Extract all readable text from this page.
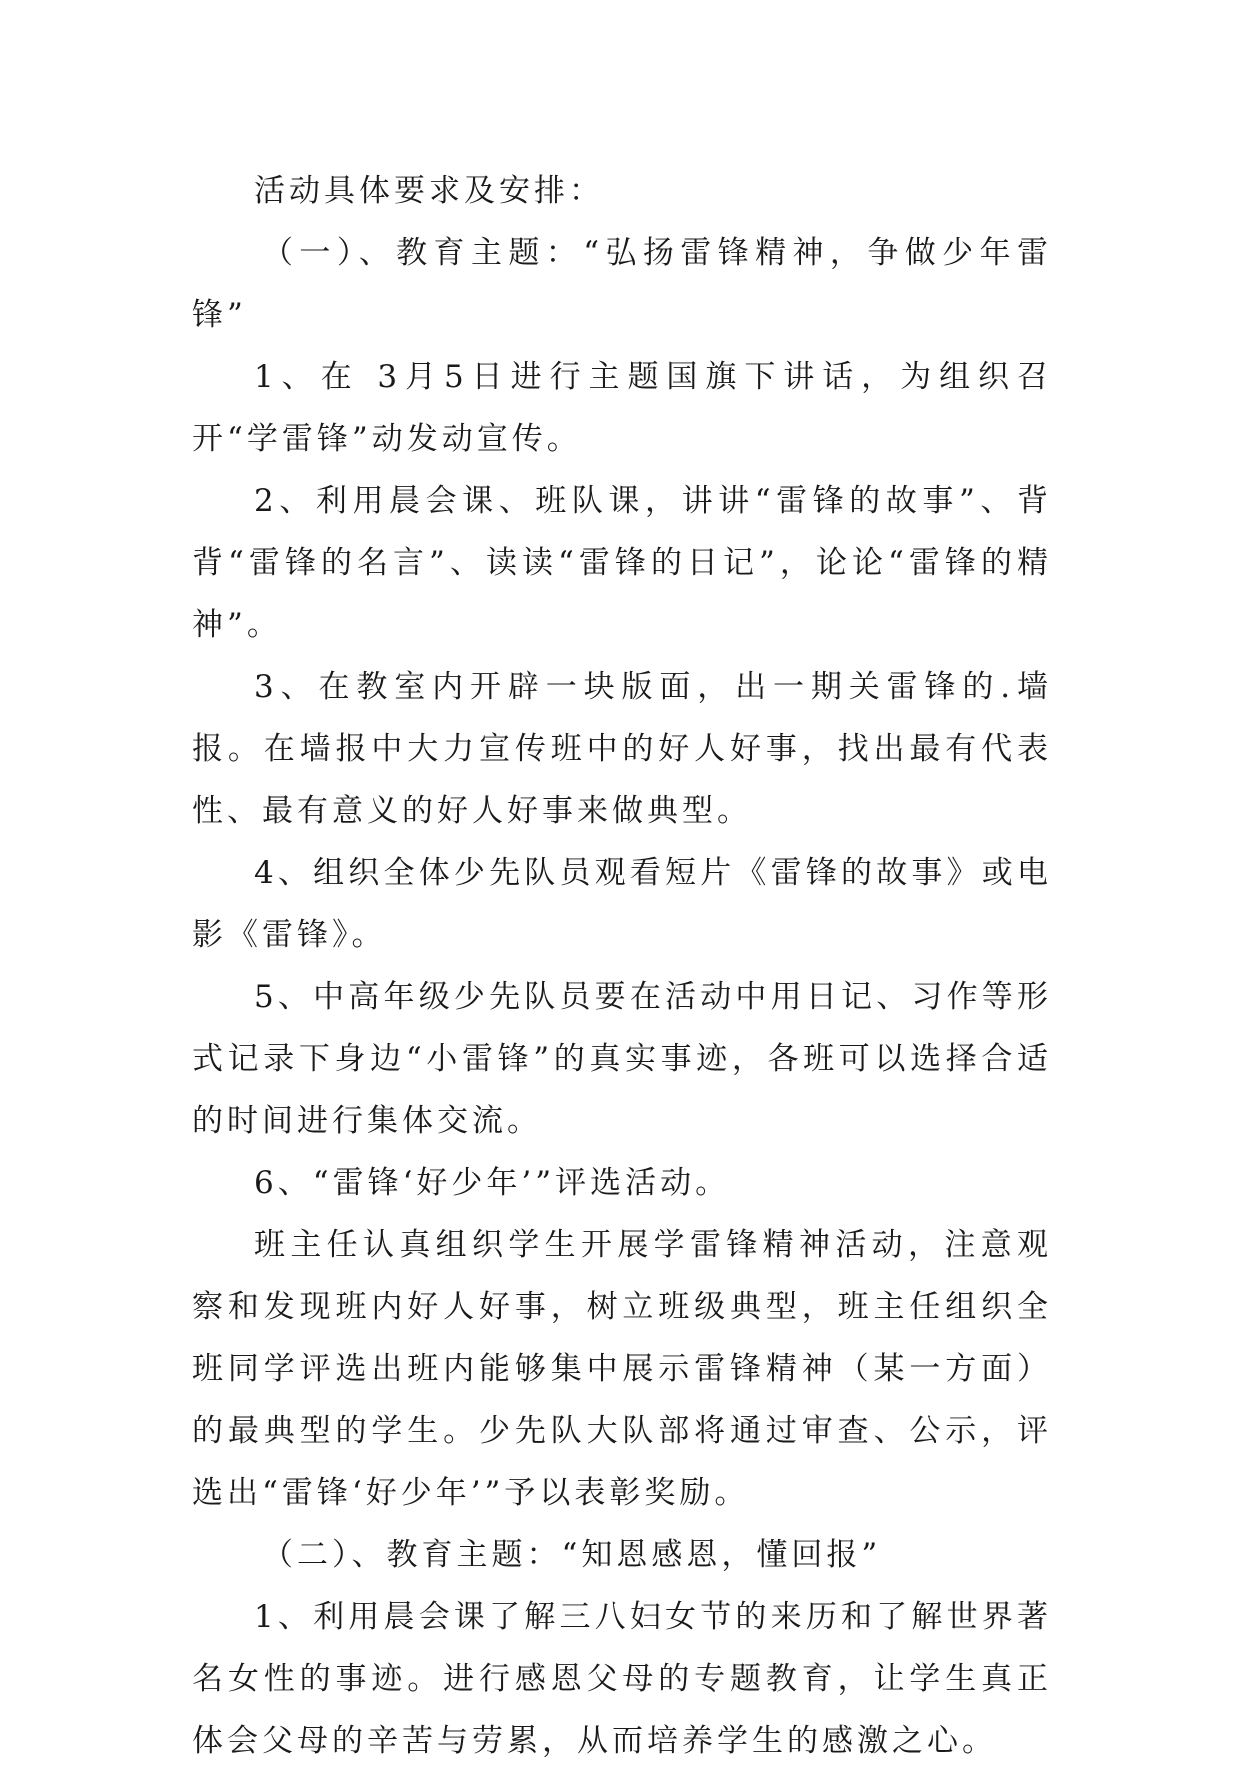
活动具体要求及安排：

（一）、教育主题：“弘扬雷锋精神，争做少年雷锋”

1、在 3月5日进行主题国旗下讲话，为组织召开“学雷锋”动发动宣传。

2、利用晨会课、班队课，讲讲“雷锋的故事”、背背“雷锋的名言”、读读“雷锋的日记”，论论“雷锋的精神”。

3、在教室内开辟一块版面，出一期关雷锋的.墙报。在墙报中大力宣传班中的好人好事，找出最有代表性、最有意义的好人好事来做典型。

4、组织全体少先队员观看短片《雷锋的故事》或电影《雷锋》。

5、中高年级少先队员要在活动中用日记、习作等形式记录下身边“小雷锋”的真实事迹，各班可以选择合适的时间进行集体交流。

6、“雷锋‘好少年’”评选活动。

班主任认真组织学生开展学雷锋精神活动，注意观察和发现班内好人好事，树立班级典型，班主任组织全班同学评选出班内能够集中展示雷锋精神（某一方面）的最典型的学生。少先队大队部将通过审查、公示，评选出“雷锋‘好少年’”予以表彰奖励。

（二）、教育主题：“知恩感恩，懂回报”

1、利用晨会课了解三八妇女节的来历和了解世界著名女性的事迹。进行感恩父母的专题教育，让学生真正体会父母的辛苦与劳累，从而培养学生的感激之心。
